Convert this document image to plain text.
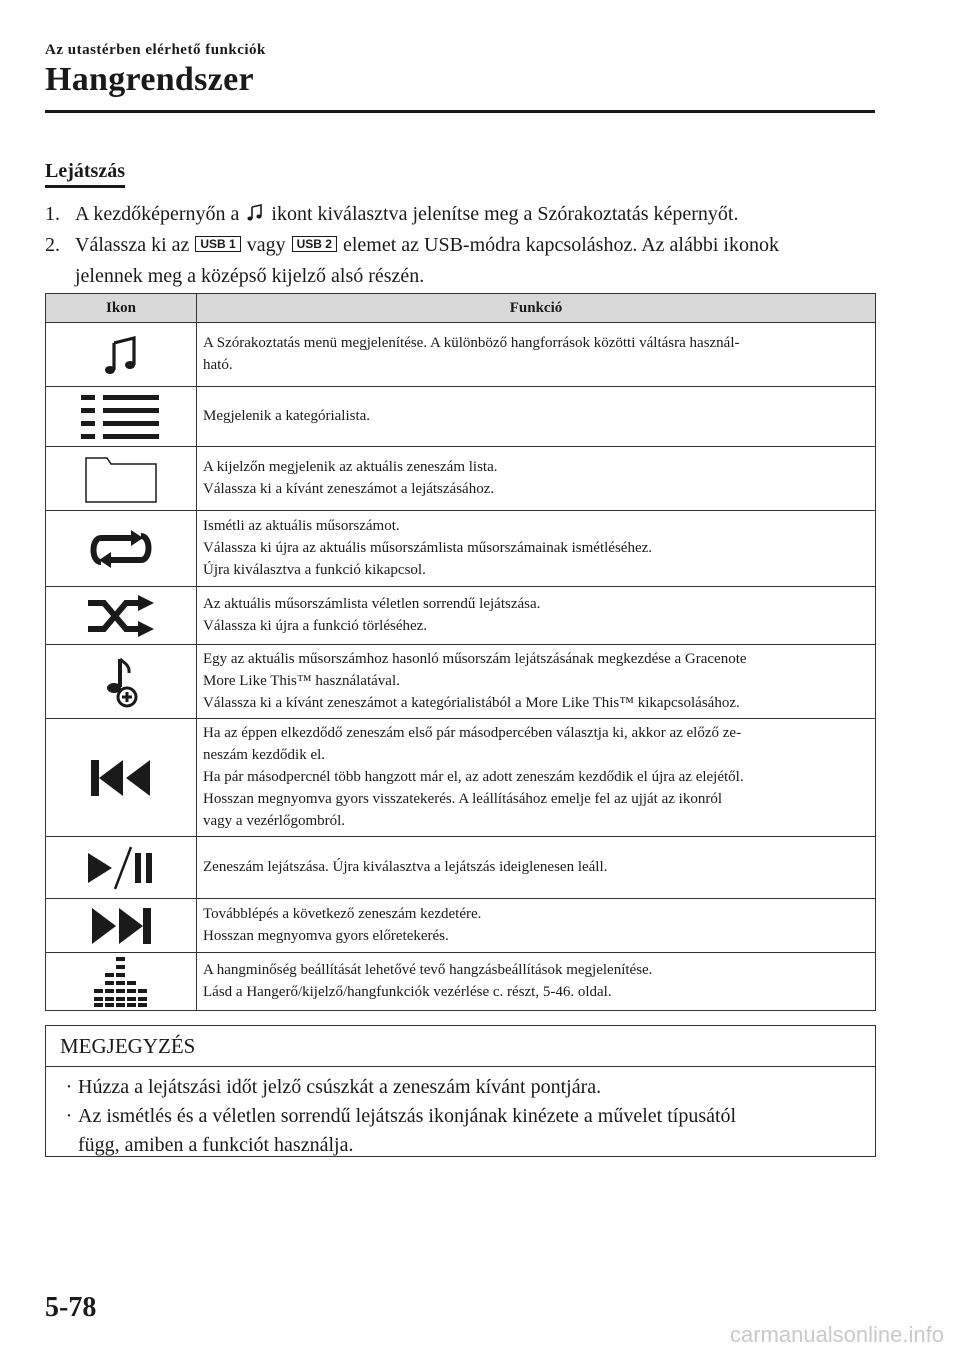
Az utastérben elérhető funkciók
Hangrendszer
Lejátszás
1. A kezdőképernyőn a ikont kiválasztva jelenítse meg a Szórakoztatás képernyőt.
2. Válassza ki az USB 1 vagy USB 2 elemet az USB-módra kapcsoláshoz. Az alábbi ikonok
jelennek meg a középső kijelző alsó részén.
Ikon	Funkció

A Szórakoztatás menü megjelenítése. A különböző hangforrások közötti váltásra használ-
ható.

Megjelenik a kategórialista.

A kijelzőn megjelenik az aktuális zeneszám lista.
Válassza ki a kívánt zeneszámot a lejátszásához.

Ismétli az aktuális műsorszámot.
Válassza ki újra az aktuális műsorszámlista műsorszámainak ismétléséhez.
Újra kiválasztva a funkció kikapcsol.

Az aktuális műsorszámlista véletlen sorrendű lejátszása.
Válassza ki újra a funkció törléséhez.

Egy az aktuális műsorszámhoz hasonló műsorszám lejátszásának megkezdése a Gracenote
More Like This™ használatával.
Válassza ki a kívánt zeneszámot a kategórialistából a More Like This™ kikapcsolásához.

Ha az éppen elkezdődő zeneszám első pár másodpercében választja ki, akkor az előző ze-
neszám kezdődik el.
Ha pár másodpercnél több hangzott már el, az adott zeneszám kezdődik el újra az elejétől.
Hosszan megnyomva gyors visszatekerés. A leállításához emelje fel az ujját az ikonról
vagy a vezérlőgombról.

Zeneszám lejátszása. Újra kiválasztva a lejátszás ideiglenesen leáll.

Továbblépés a következő zeneszám kezdetére.
Hosszan megnyomva gyors előretekerés.

A hangminőség beállítását lehetővé tevő hangzásbeállítások megjelenítése.
Lásd a Hangerő/kijelző/hangfunkciók vezérlése c. részt, 5-46. oldal.
MEGJEGYZÉS
· Húzza a lejátszási időt jelző csúszkát a zeneszám kívánt pontjára.
· Az ismétlés és a véletlen sorrendű lejátszás ikonjának kinézete a művelet típusától
függ, amiben a funkciót használja.
5-78
carmanualsonline.info
